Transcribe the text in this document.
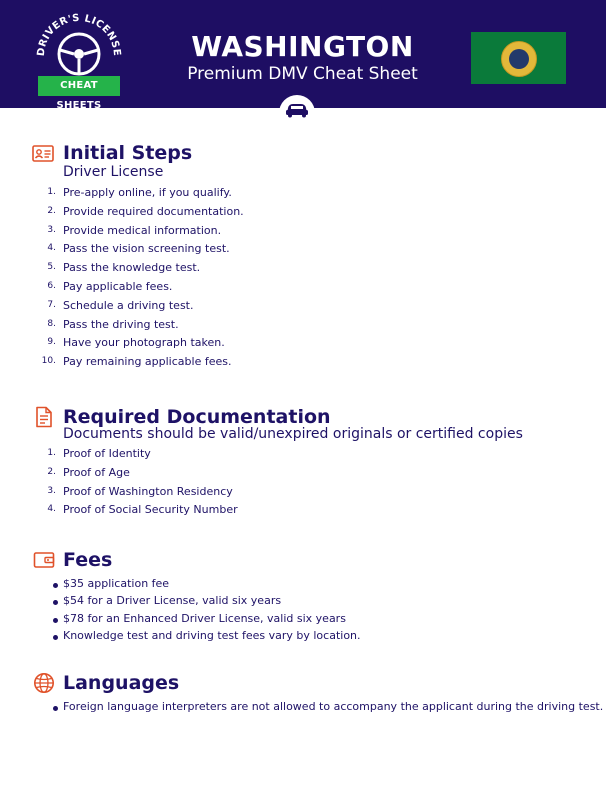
DRIVER'S LICENSE
CHEAT SHEETS
WASHINGTON
Premium DMV Cheat Sheet
Initial Steps
Driver License
1. Pre-apply online, if you qualify.
2. Provide required documentation.
3. Provide medical information.
4. Pass the vision screening test.
5. Pass the knowledge test.
6. Pay applicable fees.
7. Schedule a driving test.
8. Pass the driving test.
9. Have your photograph taken.
10. Pay remaining applicable fees.
Required Documentation
Documents should be valid/unexpired originals or certified copies
1. Proof of Identity
2. Proof of Age
3. Proof of Washington Residency
4. Proof of Social Security Number
Fees
$35 application fee
$54 for a Driver License, valid six years
$78 for an Enhanced Driver License, valid six years
Knowledge test and driving test fees vary by location.
Languages
Foreign language interpreters are not allowed to accompany the applicant during the driving test.
